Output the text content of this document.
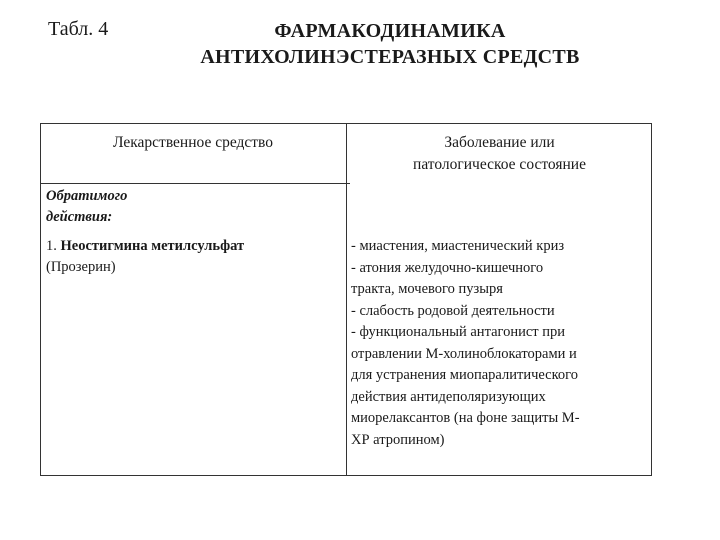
Табл. 4	ФАРМАКОДИНАМИКА
АНТИХОЛИНЭСТЕРАЗНЫХ СРЕДСТВ
Лекарственное средство	Заболевание или
патологическое состояние
Обратимого
действия:
1. Неостигмина метилсульфат
(Прозерин)
- миастения, миастенический криз
- атония желудочно-кишечного
тракта, мочевого пузыря
- слабость родовой деятельности
- функциональный антагонист при
отравлении М-холиноблокаторами и
для устранения миопаралитического
действия антидеполяризующих
миорелаксантов (на фоне защиты М-
ХР атропином)
